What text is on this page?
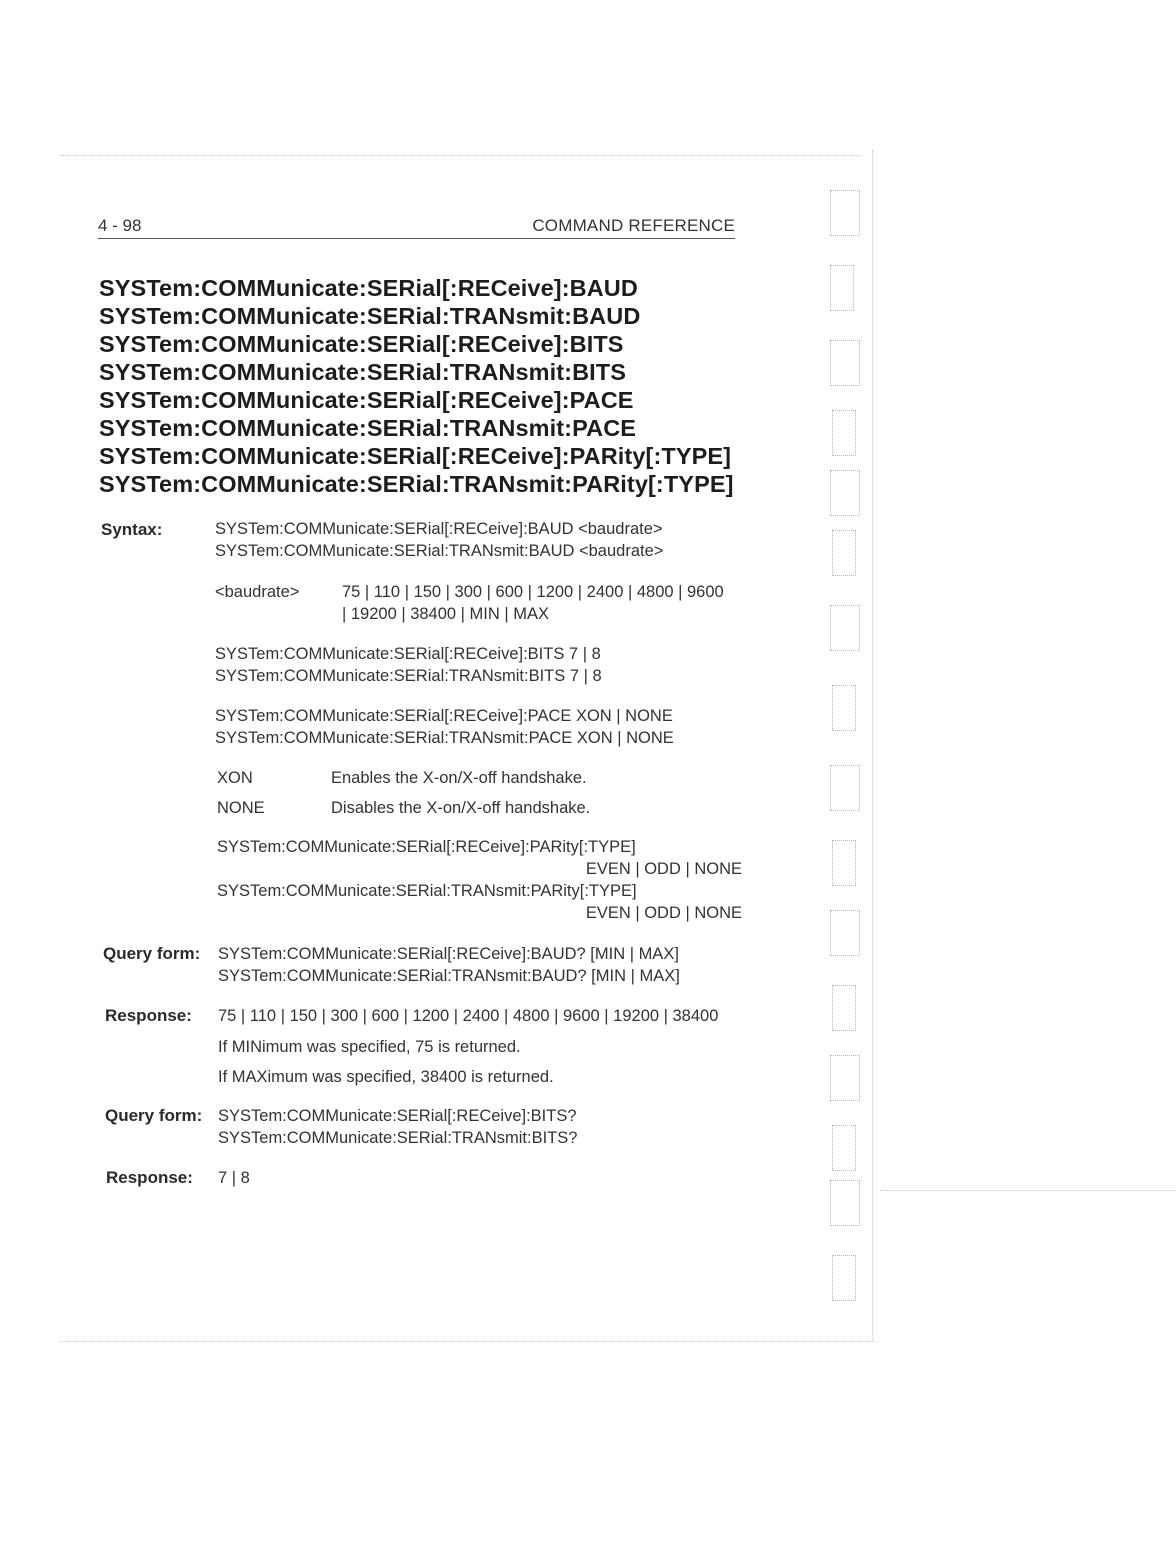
4 - 98	COMMAND REFERENCE
SYSTem:COMMunicate:SERial[:RECeive]:BAUD
SYSTem:COMMunicate:SERial:TRANsmit:BAUD
SYSTem:COMMunicate:SERial[:RECeive]:BITS
SYSTem:COMMunicate:SERial:TRANsmit:BITS
SYSTem:COMMunicate:SERial[:RECeive]:PACE
SYSTem:COMMunicate:SERial:TRANsmit:PACE
SYSTem:COMMunicate:SERial[:RECeive]:PARity[:TYPE]
SYSTem:COMMunicate:SERial:TRANsmit:PARity[:TYPE]
Syntax:	SYSTem:COMMunicate:SERial[:RECeive]:BAUD <baudrate>
SYSTem:COMMunicate:SERial:TRANsmit:BAUD <baudrate>
<baudrate>	75 | 110 | 150 | 300 | 600 | 1200 | 2400 | 4800 | 9600
| 19200 | 38400 | MIN | MAX
SYSTem:COMMunicate:SERial[:RECeive]:BITS 7 | 8
SYSTem:COMMunicate:SERial:TRANsmit:BITS 7 | 8
SYSTem:COMMunicate:SERial[:RECeive]:PACE XON | NONE
SYSTem:COMMunicate:SERial:TRANsmit:PACE XON | NONE
XON	Enables the X-on/X-off handshake.
NONE	Disables the X-on/X-off handshake.
SYSTem:COMMunicate:SERial[:RECeive]:PARity[:TYPE]
EVEN | ODD | NONE
SYSTem:COMMunicate:SERial:TRANsmit:PARity[:TYPE]
EVEN | ODD | NONE
Query form: SYSTem:COMMunicate:SERial[:RECeive]:BAUD? [MIN | MAX]
SYSTem:COMMunicate:SERial:TRANsmit:BAUD? [MIN | MAX]
Response: 75 | 110 | 150 | 300 | 600 | 1200 | 2400 | 4800 | 9600 | 19200 | 38400
If MINimum was specified, 75 is returned.
If MAXimum was specified, 38400 is returned.
Query form: SYSTem:COMMunicate:SERial[:RECeive]:BITS?
SYSTem:COMMunicate:SERial:TRANsmit:BITS?
Response: 7 | 8
